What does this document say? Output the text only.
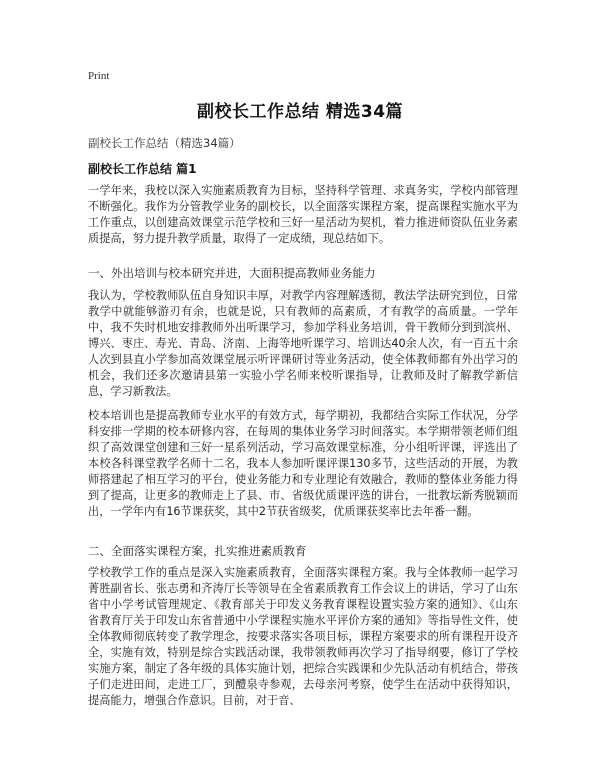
Print
副校长工作总结 精选34篇
副校长工作总结（精选34篇）
副校长工作总结 篇1

一学年来，我校以深入实施素质教育为目标，坚持科学管理、求真务实，学校内部管理不断强化。我作为分管教学业务的副校长，以全面落实课程方案，提高课程实施水平为工作重点，以创建高效课堂示范学校和三好一星活动为契机，着力推进师资队伍业务素质提高，努力提升教学质量，取得了一定成绩，现总结如下。

一、外出培训与校本研究并进，大面积提高教师业务能力

我认为，学校教师队伍自身知识丰厚，对教学内容理解透彻，教法学法研究到位，日常教学中就能够游刃有余，也就是说，只有教师的高素质，才有教学的高质量。一学年中，我不失时机地安排教师外出听课学习，参加学科业务培训，骨干教师分到到滨州、博兴、枣庄、寿光、青岛、济南、上海等地听课学习、培训达40余人次，有一百五十余人次到县直小学参加高效课堂展示听评课研讨等业务活动，使全体教师都有外出学习的机会，我们还多次邀请县第一实验小学名师来校听课指导，让教师及时了解教学新信息，学习新教法。

校本培训也是提高教师专业水平的有效方式，每学期初，我都结合实际工作状况，分学科安排一学期的校本研修内容，在每周的集体业务学习时间落实。本学期带领老师们组织了高效课堂创建和三好一星系列活动，学习高效课堂标准，分小组听评课，评选出了本校各科课堂教学名师十二名，我本人参加听课评课130多节，这些活动的开展，为教师搭建起了相互学习的平台，使业务能力和专业理论有效融合，教师的整体业务能力得到了提高，让更多的教师走上了县、市、省级优质课评选的讲台，一批教坛新秀脱颖而出，一学年内有16节课获奖，其中2节获省级奖，优质课获奖率比去年番一翻。

二、全面落实课程方案，扎实推进素质教育

学校教学工作的重点是深入实施素质教育，全面落实课程方案。我与全体教师一起学习菁胜副省长、张志勇和齐涛厅长等领导在全省素质教育工作会议上的讲话，学习了山东省中小学考试管理规定、《教育部关于印发义务教育课程设置实验方案的通知》、《山东省教育厅关于印发山东省普通中小学课程实施水平评价方案的通知》等指导性文件，使全体教师彻底转变了教学理念，按要求落实各项目标，课程方案要求的所有课程开设齐全，实施有效，特别是综合实践活动课，我带领教师再次学习了指导纲要，修订了学校实施方案，制定了各年级的具体实施计划，把综合实践课和少先队活动有机结合，带孩子们走进田间，走进工厂，到醴泉寺参观，去母亲河考察，使学生在活动中获得知识，提高能力，增强合作意识。目前，对于音、
